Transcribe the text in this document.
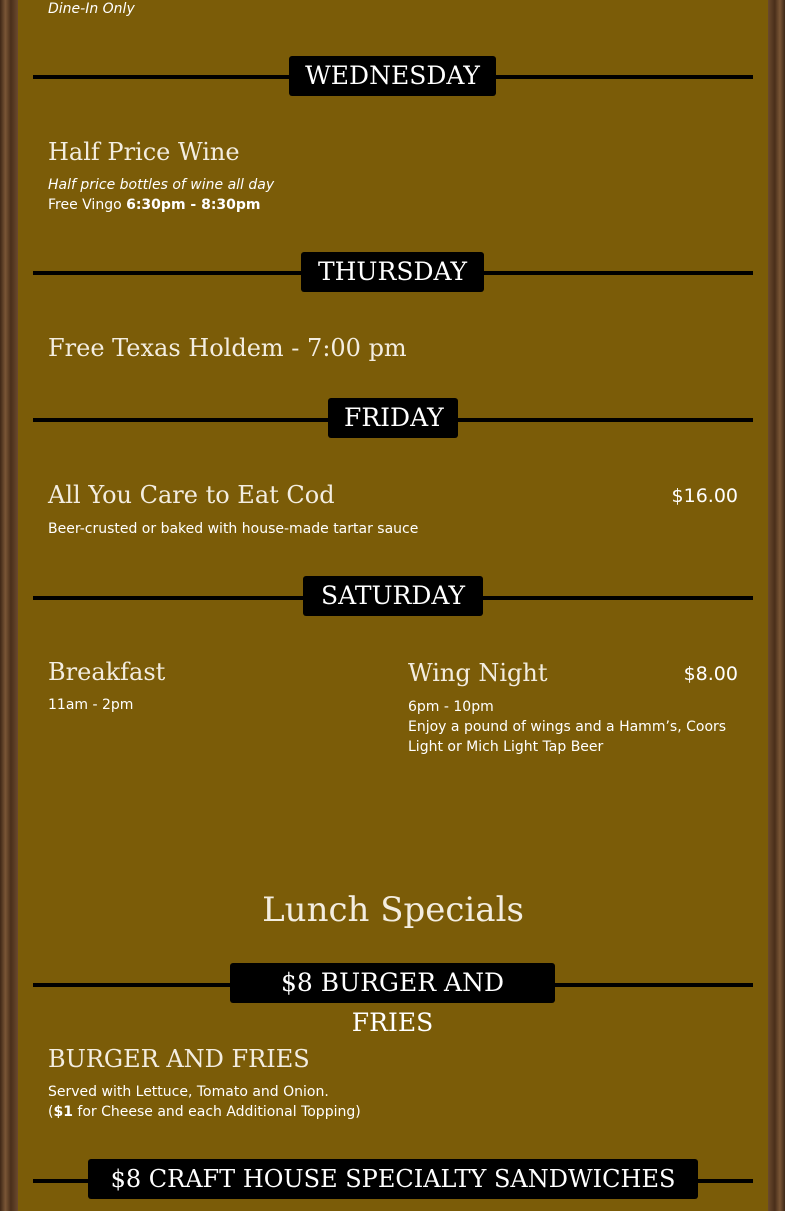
Dine-In Only
WEDNESDAY
Half Price Wine
Half price bottles of wine all day
Free Vingo 6:30pm - 8:30pm
THURSDAY
Free Texas Holdem - 7:00 pm
FRIDAY
All You Care to Eat Cod	$16.00
Beer-crusted or baked with house-made tartar sauce
SATURDAY
Breakfast
11am - 2pm
Wing Night	$8.00
6pm - 10pm
Enjoy a pound of wings and a Hamm’s, Coors
Light or Mich Light Tap Beer
Lunch Specials
$8 BURGER AND FRIES
BURGER AND FRIES
Served with Lettuce, Tomato and Onion.
($1 for Cheese and each Additional Topping)
$8 CRAFT HOUSE SPECIALTY SANDWICHES
